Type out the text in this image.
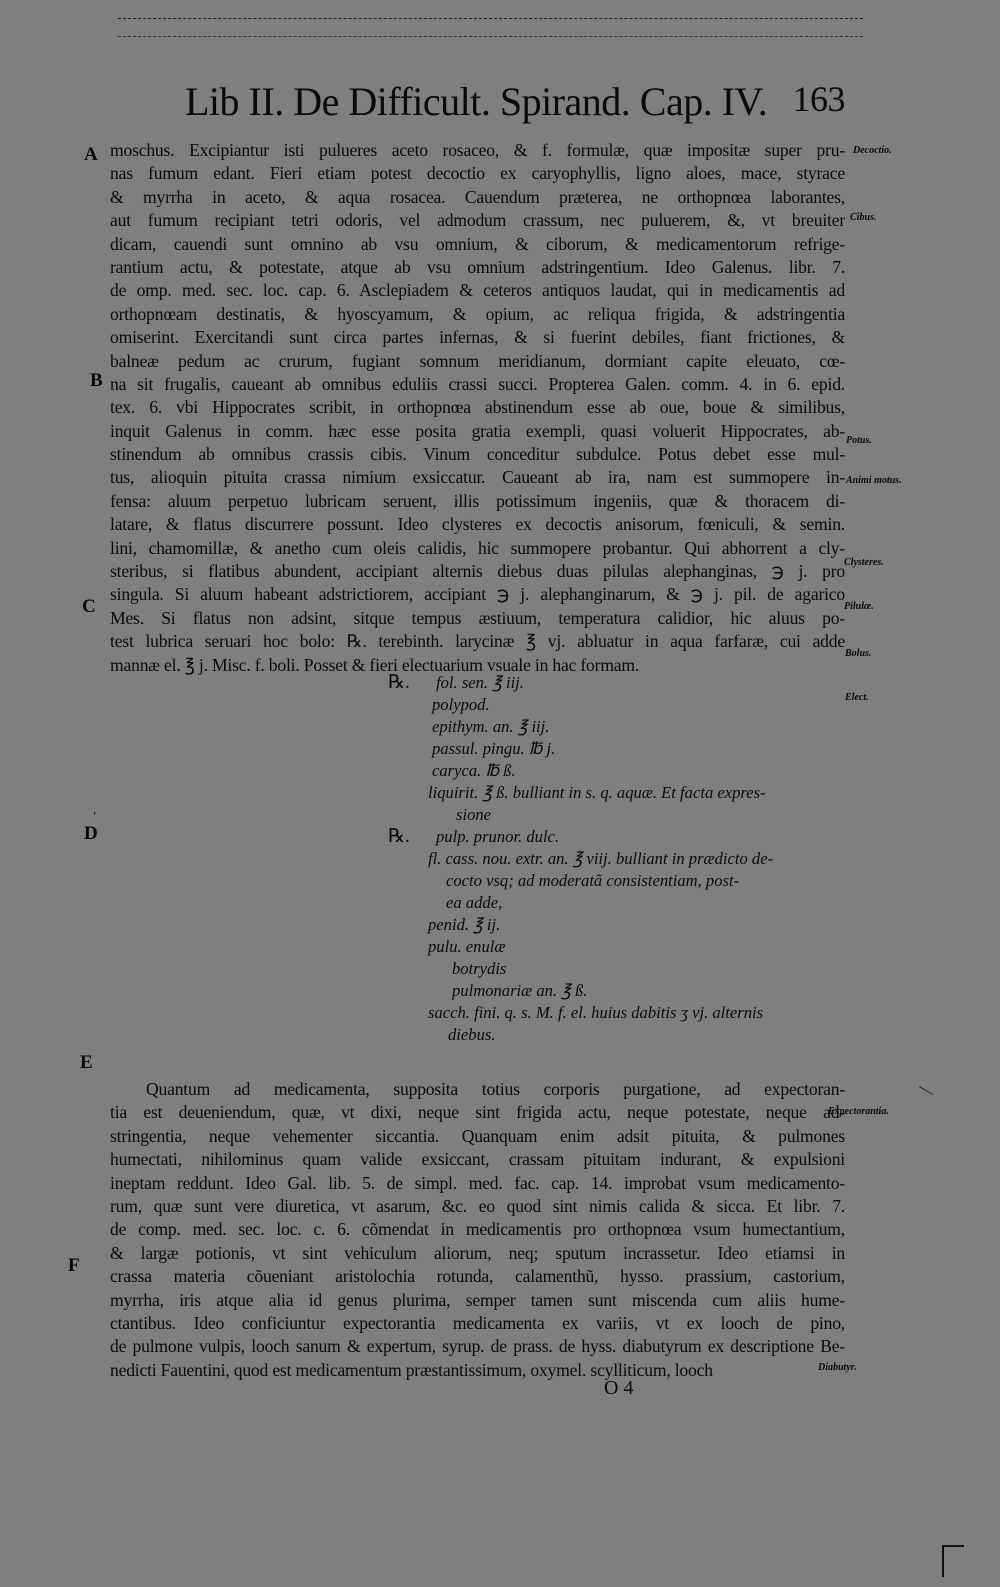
Lib II. De Difficult. Spirand. Cap. IV. 163
A
B
C
D
E
F
ˌ
Decoctio.
Cibus.
Potus.
Animi motus.
Clysteres.
Pilulæ.
Bolus.
Elect.
Expectorantia.
Diabutyr.
moschus. Excipiantur isti pulueres aceto rosaceo, & f. formulæ, quæ impositæ super pru-
nas fumum edant. Fieri etiam potest decoctio ex caryophyllis, ligno aloes, mace, styrace
& myrrha in aceto, & aqua rosacea. Cauendum præterea, ne orthopnœa laborantes,
aut fumum recipiant tetri odoris, vel admodum crassum, nec puluerem, &, vt breuiter
dicam, cauendi sunt omnino ab vsu omnium, & ciborum, & medicamentorum refrige-
rantium actu, & potestate, atque ab vsu omnium adstringentium. Ideo Galenus. libr. 7.
de omp. med. sec. loc. cap. 6. Asclepiadem & ceteros antiquos laudat, qui in medicamentis ad
orthopnœam destinatis, & hyoscyamum, & opium, ac reliqua frigida, & adstringentia
omiserint. Exercitandi sunt circa partes infernas, & si fuerint debiles, fiant frictiones, &
balneæ pedum ac crurum, fugiant somnum meridianum, dormiant capite eleuato, cœ-
na sit frugalis, caueant ab omnibus eduliis crassi succi. Propterea Galen. comm. 4. in 6. epid.
tex. 6. vbi Hippocrates scribit, in orthopnœa abstinendum esse ab oue, boue & similibus,
inquit Galenus in comm. hæc esse posita gratia exempli, quasi voluerit Hippocrates, ab-
stinendum ab omnibus crassis cibis. Vinum conceditur subdulce. Potus debet esse mul-
tus, alioquin pituita crassa nimium exsiccatur. Caueant ab ira, nam est summopere in-
fensa: aluum perpetuo lubricam seruent, illis potissimum ingeniis, quæ & thoracem di-
latare, & flatus discurrere possunt. Ideo clysteres ex decoctis anisorum, fœniculi, & semin.
lini, chamomillæ, & anetho cum oleis calidis, hic summopere probantur. Qui abhorrent a cly-
steribus, si flatibus abundent, accipiant alternis diebus duas pilulas alephanginas, ℈ j. pro
singula. Si aluum habeant adstrictiorem, accipiant ℈ j. alephanginarum, & ℈ j. pil. de agarico
Mes. Si flatus non adsint, sitque tempus æstiuum, temperatura calidior, hic aluus po-
test lubrica seruari hoc bolo: ℞. terebinth. larycinæ ℥ vj. abluatur in aqua farfaræ, cui adde
mannæ el. ℥ j. Misc. f. boli. Posset & fieri electuarium vsuale in hac formam.
℞. fol. sen. ℥ iij.
polypod.
epithym. an. ℥ iij.
passul. pingu. ℔ j.
caryca. ℔ ß.
liquirit. ℥ ß. bulliant in s. q. aquæ. Et facta expres-
sione
℞. pulp. prunor. dulc.
fl. cass. nou. extr. an. ℥ viij. bulliant in prædicto de-
cocto vsq; ad moderatã consistentiam, post-
ea adde,
penid. ℥ ij.
pulu. enulæ
botrydis
pulmonariæ an. ℥ ß.
sacch. fini. q. s. M. f. el. huius dabitis ʒ vj. alternis
diebus.
Quantum ad medicamenta, supposita totius corporis purgatione, ad expectoran-
tia est deueniendum, quæ, vt dixi, neque sint frigida actu, neque potestate, neque ad-
stringentia, neque vehementer siccantia. Quanquam enim adsit pituita, & pulmones
humectati, nihilominus quam valide exsiccant, crassam pituitam indurant, & expulsioni
ineptam reddunt. Ideo Gal. lib. 5. de simpl. med. fac. cap. 14. improbat vsum medicamento-
rum, quæ sunt vere diuretica, vt asarum, &c. eo quod sint nimis calida & sicca. Et libr. 7.
de comp. med. sec. loc. c. 6. cõmendat in medicamentis pro orthopnœa vsum humectantium,
& largæ potionis, vt sint vehiculum aliorum, neq; sputum incrassetur. Ideo etiamsi in
crassa materia cõueniant aristolochia rotunda, calamenthũ, hysso. prassium, castorium,
myrrha, iris atque alia id genus plurima, semper tamen sunt miscenda cum aliis hume-
ctantibus. Ideo conficiuntur expectorantia medicamenta ex variis, vt ex looch de pino,
de pulmone vulpis, looch sanum & expertum, syrup. de prass. de hyss. diabutyrum ex descriptione Be-
nedicti Fauentini, quod est medicamentum præstantissimum, oxymel. scylliticum, looch
O 4
